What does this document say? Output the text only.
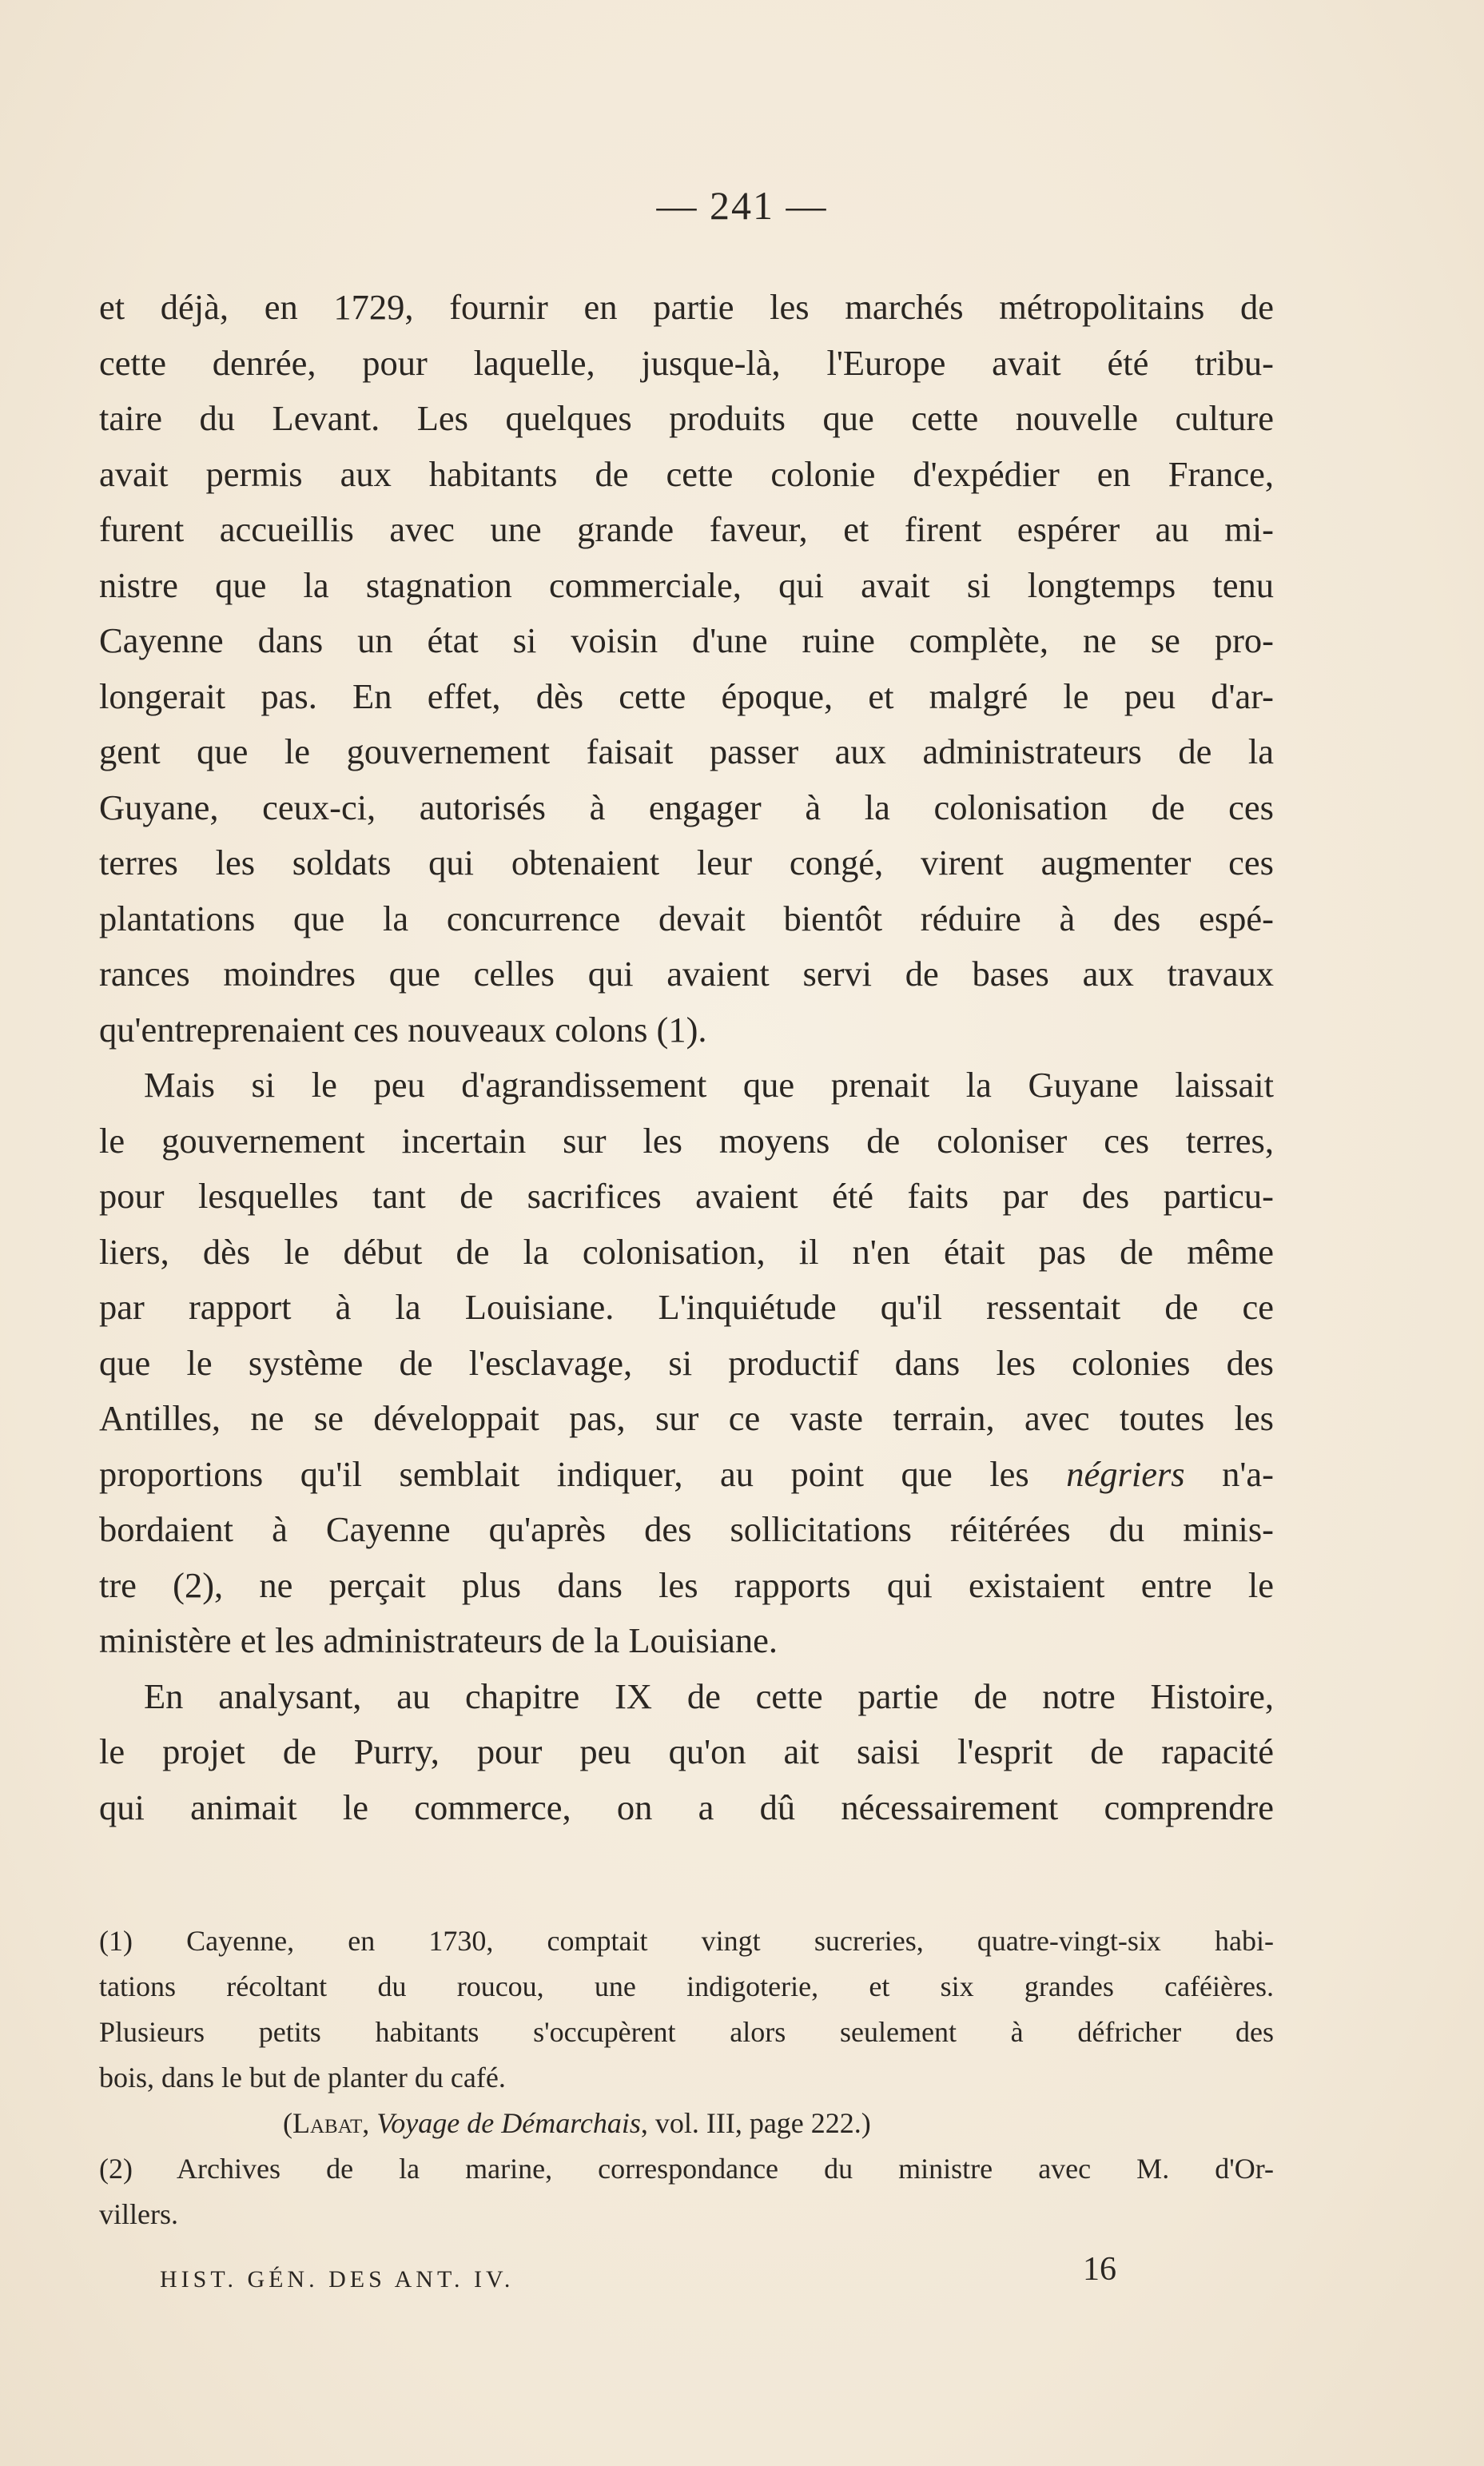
— 241 —

et déjà, en 1729, fournir en partie les marchés métropolitains de
cette denrée, pour laquelle, jusque-là, l'Europe avait été tribu-
taire du Levant. Les quelques produits que cette nouvelle culture
avait permis aux habitants de cette colonie d'expédier en France,
furent accueillis avec une grande faveur, et firent espérer au mi-
nistre que la stagnation commerciale, qui avait si longtemps tenu
Cayenne dans un état si voisin d'une ruine complète, ne se pro-
longerait pas. En effet, dès cette époque, et malgré le peu d'ar-
gent que le gouvernement faisait passer aux administrateurs de la
Guyane, ceux-ci, autorisés à engager à la colonisation de ces
terres les soldats qui obtenaient leur congé, virent augmenter ces
plantations que la concurrence devait bientôt réduire à des espé-
rances moindres que celles qui avaient servi de bases aux travaux
qu'entreprenaient ces nouveaux colons (1).

Mais si le peu d'agrandissement que prenait la Guyane laissait
le gouvernement incertain sur les moyens de coloniser ces terres,
pour lesquelles tant de sacrifices avaient été faits par des particu-
liers, dès le début de la colonisation, il n'en était pas de même
par rapport à la Louisiane. L'inquiétude qu'il ressentait de ce
que le système de l'esclavage, si productif dans les colonies des
Antilles, ne se développait pas, sur ce vaste terrain, avec toutes les
proportions qu'il semblait indiquer, au point que les négriers n'a-
bordaient à Cayenne qu'après des sollicitations réitérées du minis-
tre (2), ne perçait plus dans les rapports qui existaient entre le
ministère et les administrateurs de la Louisiane.

En analysant, au chapitre IX de cette partie de notre Histoire,
le projet de Purry, pour peu qu'on ait saisi l'esprit de rapacité
qui animait le commerce, on a dû nécessairement comprendre

(1) Cayenne, en 1730, comptait vingt sucreries, quatre-vingt-six habi-
tations récoltant du roucou, une indigoterie, et six grandes caféières.
Plusieurs petits habitants s'occupèrent alors seulement à défricher des
bois, dans le but de planter du café.
(Labat, Voyage de Démarchais, vol. III, page 222.)
(2) Archives de la marine, correspondance du ministre avec M. d'Or-
villers.
HIST. GÉN. DES ANT. IV.	16
